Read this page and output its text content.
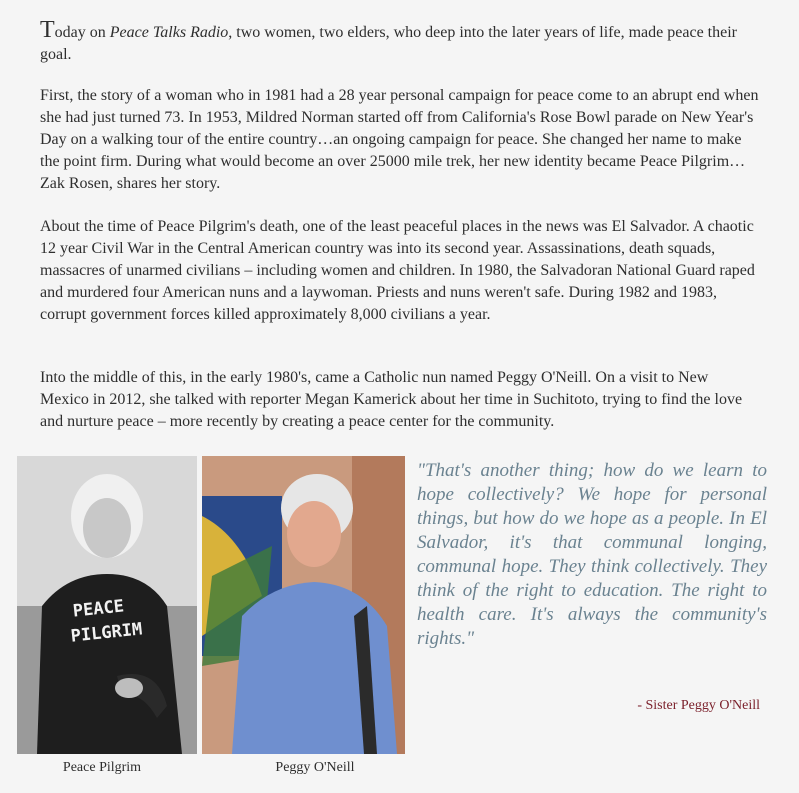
Today on Peace Talks Radio, two women, two elders, who deep into the later years of life, made peace their goal.

First, the story of a woman who in 1981 had a 28 year personal campaign for peace come to an abrupt end when she had just turned 73. In 1953, Mildred Norman started off from California's Rose Bowl parade on New Year's Day on a walking tour of the entire country…an ongoing campaign for peace. She changed her name to make the point firm. During what would become an over 25000 mile trek, her new identity became Peace Pilgrim… Zak Rosen, shares her story.

About the time of Peace Pilgrim's death, one of the least peaceful places in the news was El Salvador. A chaotic 12 year Civil War in the Central American country was into its second year. Assassinations, death squads, massacres of unarmed civilians – including women and children. In 1980, the Salvadoran National Guard raped and murdered four American nuns and a laywoman. Priests and nuns weren't safe. During 1982 and 1983, corrupt government forces killed approximately 8,000 civilians a year.

Into the middle of this, in the early 1980's, came a Catholic nun named Peggy O'Neill. On a visit to New Mexico in 2012, she talked with reporter Megan Kamerick about her time in Suchitoto, trying to find the love and nurture peace – more recently by creating a peace center for the community.

PEACE
PILGRIM

Peace Pilgrim	Peggy O'Neill

"That's another thing; how do we learn to hope collectively? We hope for personal things, but how do we hope as a people. In El Salvador, it's that communal longing, communal hope. They think collectively. They think of the right to education. The right to health care. It's always the community's rights."

- Sister Peggy O'Neill
